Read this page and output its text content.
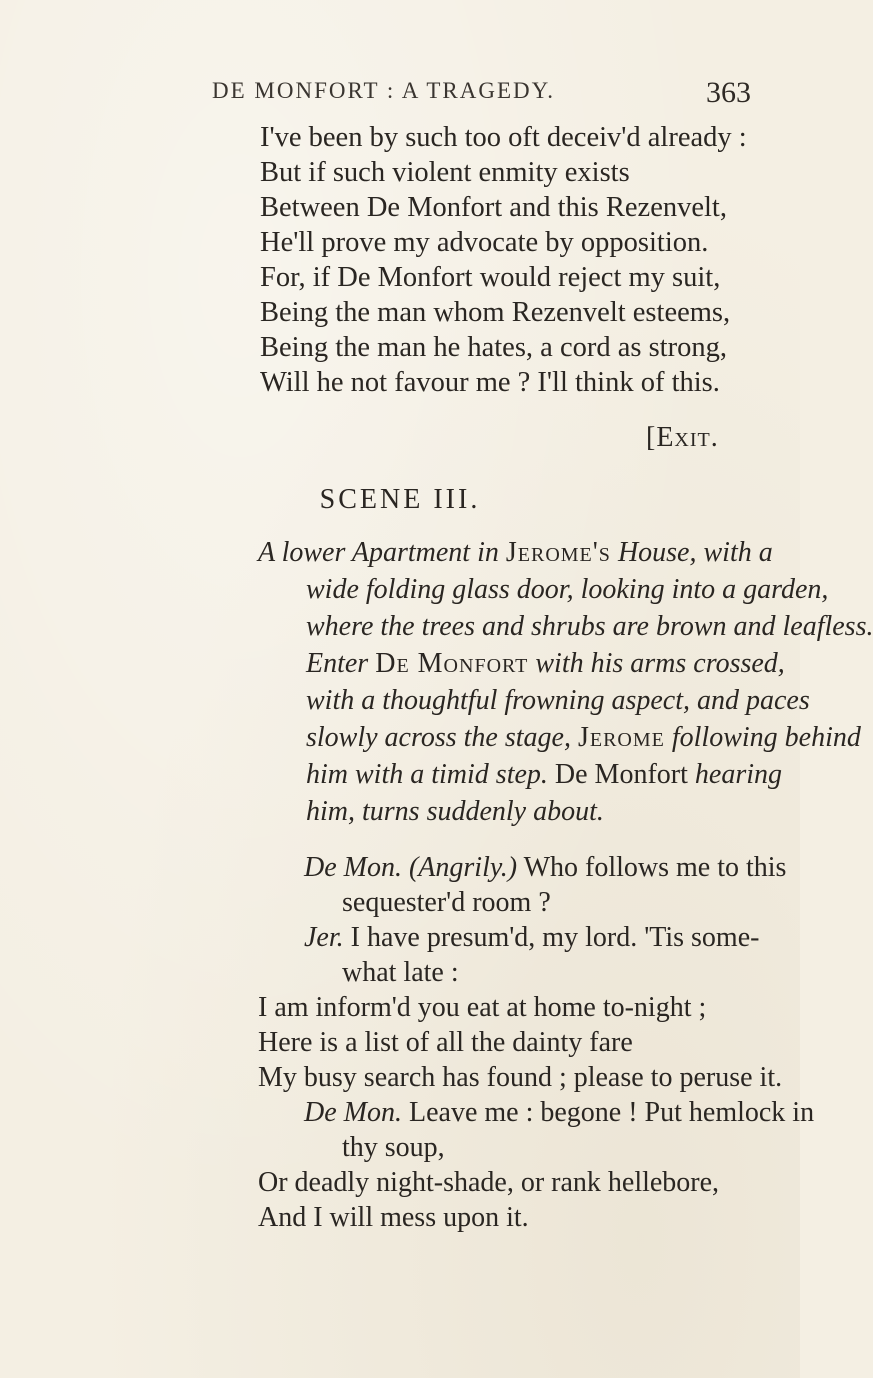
DE MONFORT : A TRAGEDY.	363
I've been by such too oft deceiv'd already :
But if such violent enmity exists
Between De Monfort and this Rezenvelt,
He'll prove my advocate by opposition.
For, if De Monfort would reject my suit,
Being the man whom Rezenvelt esteems,
Being the man he hates, a cord as strong,
Will he not favour me ? I'll think of this.
[Exit.
SCENE III.
A lower Apartment in Jerome's House, with a
wide folding glass door, looking into a garden,
where the trees and shrubs are brown and leafless.
Enter De Monfort with his arms crossed,
with a thoughtful frowning aspect, and paces
slowly across the stage, Jerome following behind
him with a timid step. De Monfort hearing
him, turns suddenly about.
De Mon. (Angrily.) Who follows me to this
sequester'd room ?
Jer. I have presum'd, my lord. 'Tis some-
what late :
I am inform'd you eat at home to-night ;
Here is a list of all the dainty fare
My busy search has found ; please to peruse it.
De Mon. Leave me : begone ! Put hemlock in
thy soup,
Or deadly night-shade, or rank hellebore,
And I will mess upon it.
